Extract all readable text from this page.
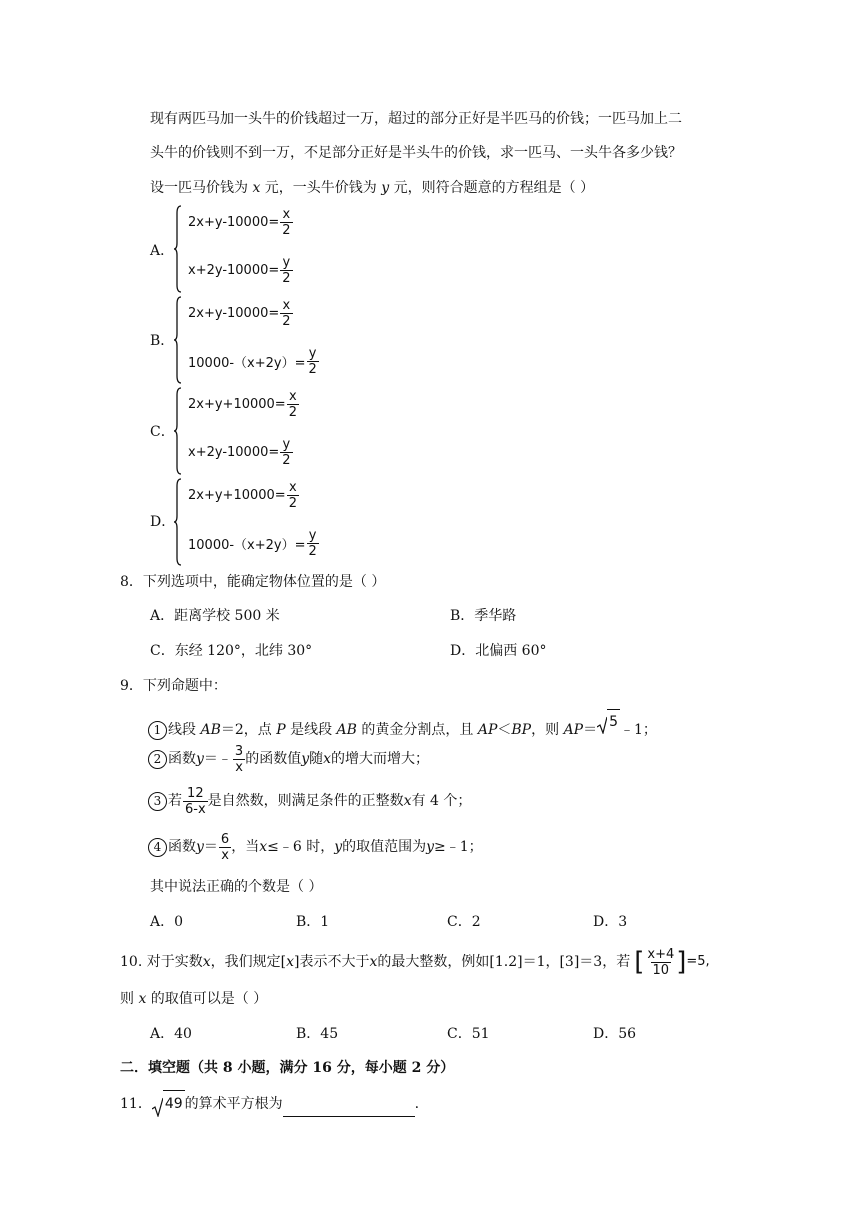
现有两匹马加一头牛的价钱超过一万，超过的部分正好是半匹马的价钱；一匹马加上二
头牛的价钱则不到一万，不足部分正好是半头牛的价钱，求一匹马、一头牛各多少钱？
设一匹马价钱为 x 元，一头牛价钱为 y 元，则符合题意的方程组是（ ）
A．
$2x+y-10000= \frac{x}{2}$
$x+2y-10000= \frac{y}{2}$
B．
$2x+y-10000= \frac{x}{2}$
$10000-(x+2y)= \frac{y}{2}$
C．
$2x+y+10000= \frac{x}{2}$
$x+2y-10000= \frac{y}{2}$
D．
$2x+y+10000= \frac{x}{2}$
$10000-(x+2y)= \frac{y}{2}$
8．下列选项中，能确定物体位置的是（ ）
A．距离学校 500 米	B．季华路
C．东经 120°，北纬 30°	D．北偏西 60°
9．下列命题中：
1 线段 AB＝2，点 P 是线段 AB 的黄金分割点，且 AP＜BP，则 AP＝ 5 ﹣1；
2 函数 y ＝﹣ $\frac{3}{x}$ 的函数值 y 随 x 的增大而增大；
3 若 $\frac{12}{6-x}$ 是自然数，则满足条件的正整数 x 有 4 个；
4 函数 $y = \frac{6}{x}$ ，当 x ≤﹣6 时， y 的取值范围为 y ≥﹣1；
其中说法正确的个数是（ ）
A．0	B．1	C．2	D．3
10. 对于实数 x ，我们规定[ x ]表示不大于 x 的最大整数，例如[1.2]＝1，[3]＝3，若 [ $\frac{x+4}{10}$ ] =5,
则 x 的取值可以是（ ）
A．40	B．45	C．51	D．56
二．填空题（共 8 小题，满分 16 分，每小题 2 分）
11． 49 的算术平方根为	.
